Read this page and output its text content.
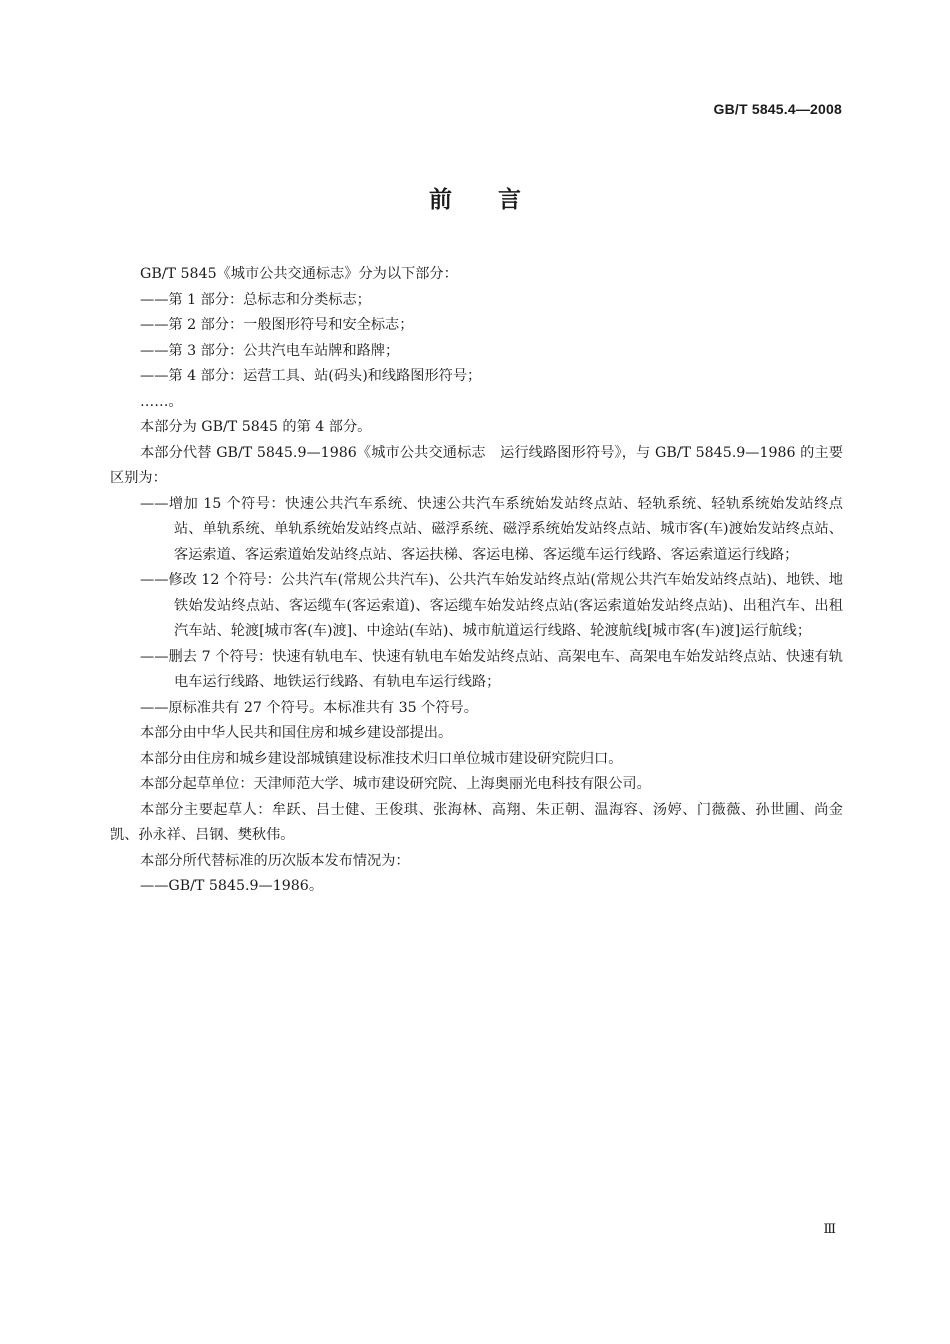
GB/T 5845.4—2008
前言

GB/T 5845《城市公共交通标志》分为以下部分：

——第 1 部分：总标志和分类标志；

——第 2 部分：一般图形符号和安全标志；

——第 3 部分：公共汽电车站牌和路牌；

——第 4 部分：运营工具、站(码头)和线路图形符号；

……。

本部分为 GB/T 5845 的第 4 部分。

本部分代替 GB/T 5845.9—1986《城市公共交通标志　运行线路图形符号》，与 GB/T 5845.9—1986 的主要区别为：

——增加 15 个符号：快速公共汽车系统、快速公共汽车系统始发站终点站、轻轨系统、轻轨系统始发站终点站、单轨系统、单轨系统始发站终点站、磁浮系统、磁浮系统始发站终点站、城市客(车)渡始发站终点站、客运索道、客运索道始发站终点站、客运扶梯、客运电梯、客运缆车运行线路、客运索道运行线路；

——修改 12 个符号：公共汽车(常规公共汽车)、公共汽车始发站终点站(常规公共汽车始发站终点站)、地铁、地铁始发站终点站、客运缆车(客运索道)、客运缆车始发站终点站(客运索道始发站终点站)、出租汽车、出租汽车站、轮渡[城市客(车)渡]、中途站(车站)、城市航道运行线路、轮渡航线[城市客(车)渡]运行航线；

——删去 7 个符号：快速有轨电车、快速有轨电车始发站终点站、高架电车、高架电车始发站终点站、快速有轨电车运行线路、地铁运行线路、有轨电车运行线路；

——原标准共有 27 个符号。本标准共有 35 个符号。

本部分由中华人民共和国住房和城乡建设部提出。

本部分由住房和城乡建设部城镇建设标准技术归口单位城市建设研究院归口。

本部分起草单位：天津师范大学、城市建设研究院、上海奥丽光电科技有限公司。

本部分主要起草人：牟跃、吕士健、王俊琪、张海林、高翔、朱正朝、温海容、汤婷、门薇薇、孙世圃、尚金凯、孙永祥、吕钢、樊秋伟。

本部分所代替标准的历次版本发布情况为：

——GB/T 5845.9—1986。

Ⅲ
